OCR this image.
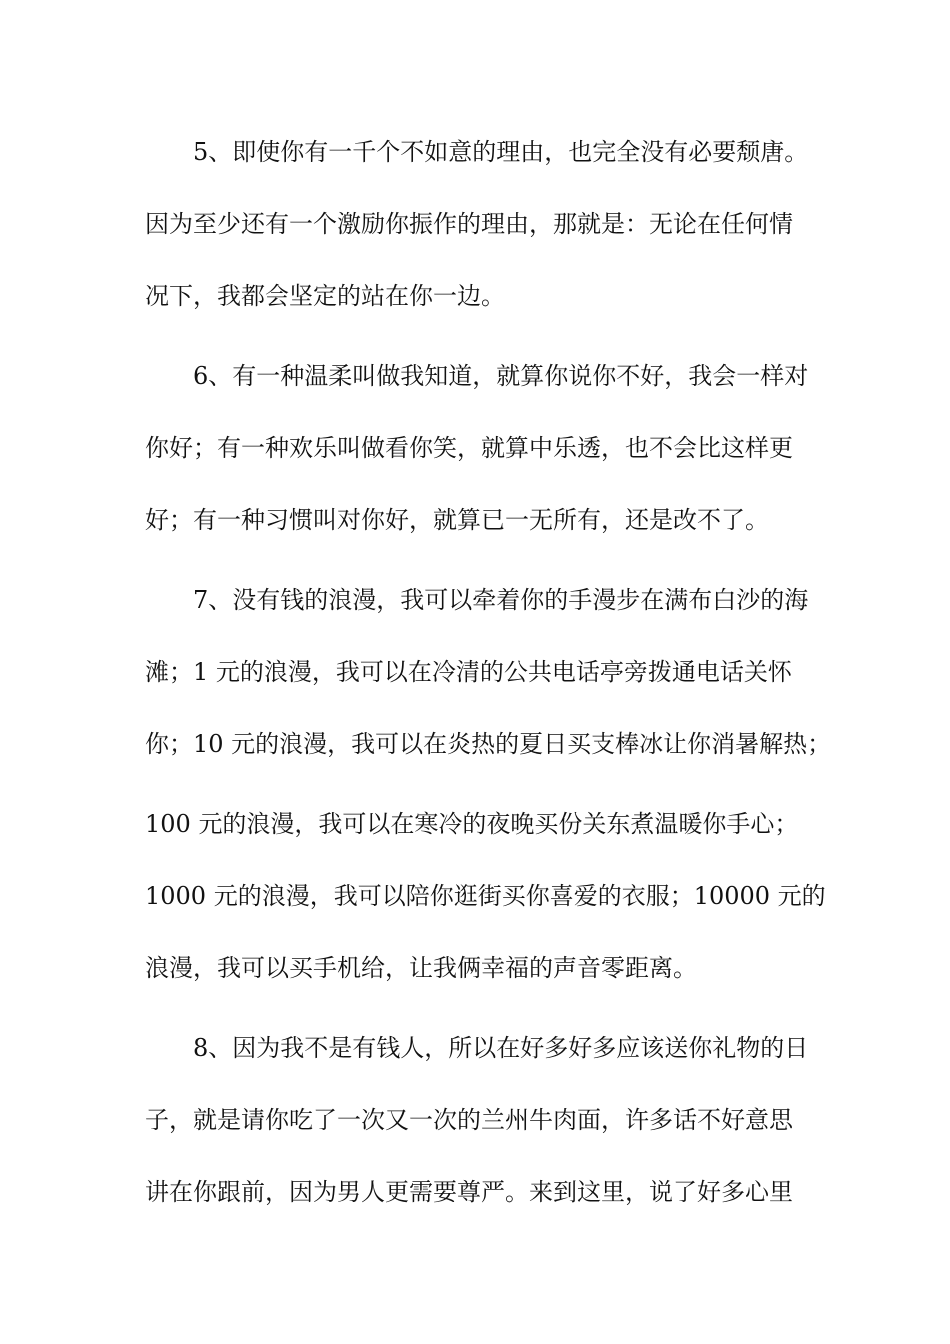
5、即使你有一千个不如意的理由，也完全没有必要颓唐。
因为至少还有一个激励你振作的理由，那就是：无论在任何情
况下，我都会坚定的站在你一边。
6、有一种温柔叫做我知道，就算你说你不好，我会一样对
你好；有一种欢乐叫做看你笑，就算中乐透，也不会比这样更
好；有一种习惯叫对你好，就算已一无所有，还是改不了。
7、没有钱的浪漫，我可以牵着你的手漫步在满布白沙的海
滩；1 元的浪漫，我可以在冷清的公共电话亭旁拨通电话关怀
你；10 元的浪漫，我可以在炎热的夏日买支棒冰让你消暑解热；
100 元的浪漫，我可以在寒冷的夜晚买份关东煮温暖你手心；
1000 元的浪漫，我可以陪你逛街买你喜爱的衣服；10000 元的
浪漫，我可以买手机给，让我俩幸福的声音零距离。
8、因为我不是有钱人，所以在好多好多应该送你礼物的日
子，就是请你吃了一次又一次的兰州牛肉面，许多话不好意思
讲在你跟前，因为男人更需要尊严。来到这里，说了好多心里
